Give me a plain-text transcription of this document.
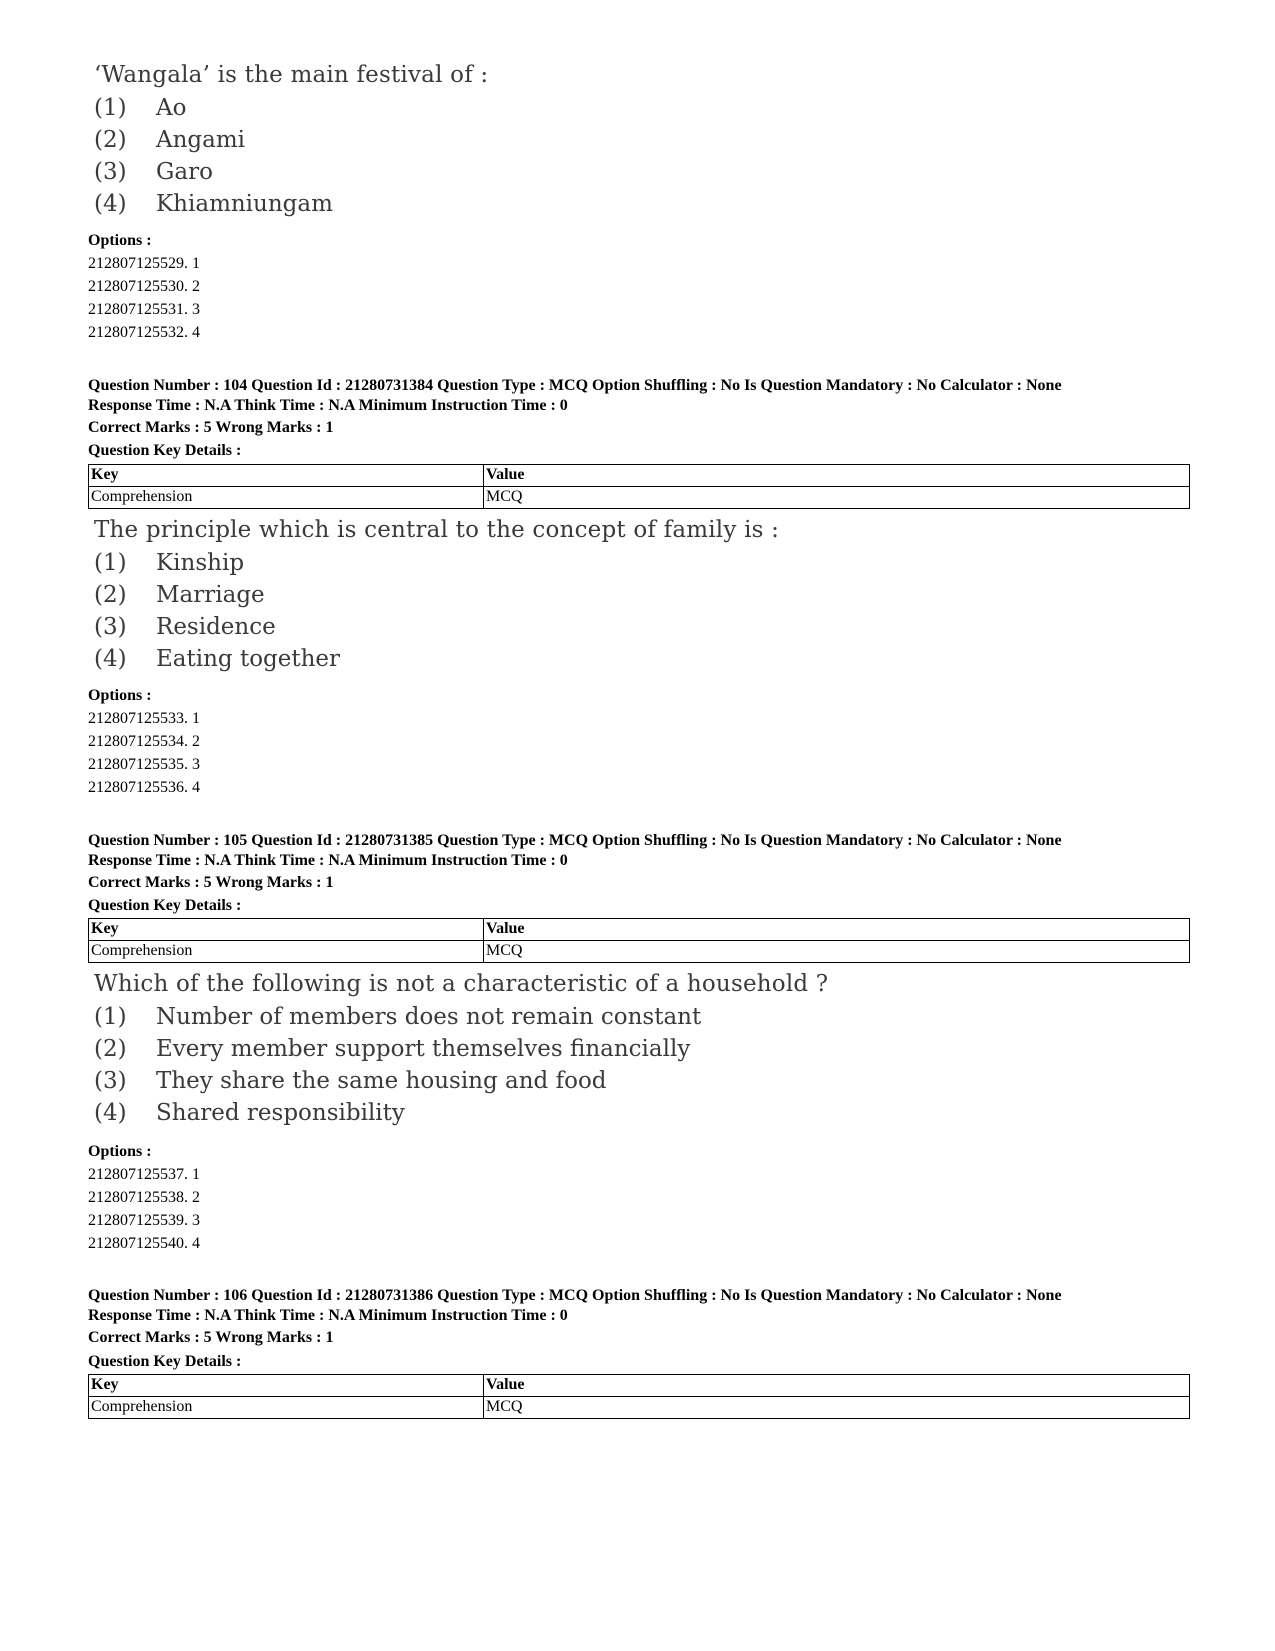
‘Wangala’ is the main festival of :
(1) Ao
(2) Angami
(3) Garo
(4) Khiamniungam
Options :
212807125529. 1
212807125530. 2
212807125531. 3
212807125532. 4
Question Number : 104 Question Id : 21280731384 Question Type : MCQ Option Shuffling : No Is Question Mandatory : No Calculator : None
Response Time : N.A Think Time : N.A Minimum Instruction Time : 0
Correct Marks : 5 Wrong Marks : 1
Question Key Details :
Key	Value
Comprehension	MCQ
The principle which is central to the concept of family is :
(1) Kinship
(2) Marriage
(3) Residence
(4) Eating together
Options :
212807125533. 1
212807125534. 2
212807125535. 3
212807125536. 4
Question Number : 105 Question Id : 21280731385 Question Type : MCQ Option Shuffling : No Is Question Mandatory : No Calculator : None
Response Time : N.A Think Time : N.A Minimum Instruction Time : 0
Correct Marks : 5 Wrong Marks : 1
Question Key Details :
Key	Value
Comprehension	MCQ
Which of the following is not a characteristic of a household ?
(1) Number of members does not remain constant
(2) Every member support themselves financially
(3) They share the same housing and food
(4) Shared responsibility
Options :
212807125537. 1
212807125538. 2
212807125539. 3
212807125540. 4
Question Number : 106 Question Id : 21280731386 Question Type : MCQ Option Shuffling : No Is Question Mandatory : No Calculator : None
Response Time : N.A Think Time : N.A Minimum Instruction Time : 0
Correct Marks : 5 Wrong Marks : 1
Question Key Details :
Key	Value
Comprehension	MCQ
